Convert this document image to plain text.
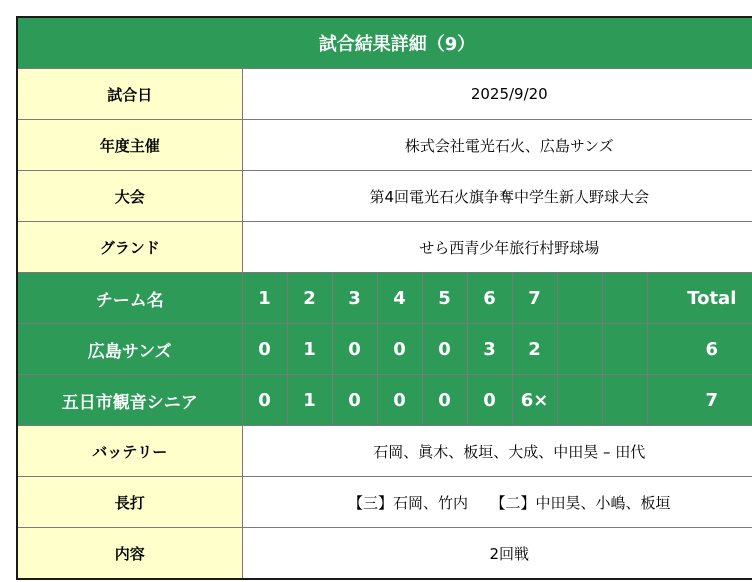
試合結果詳細（9）										
試合日	2025/9/20									
年度主催	株式会社電光石火、広島サンズ									
大会	第4回電光石火旗争奪中学生新人野球大会									
グランド	せら西青少年旅行村野球場									
チーム名	1	2	3	4	5	6	7			Total
広島サンズ	0	1	0	0	0	3	2			6
五日市観音シニア	0	1	0	0	0	0	6×			7
バッテリー	石岡、眞木、板垣、大成、中田昊 – 田代									
長打	【三】石岡、竹内　　【二】中田昊、小嶋、板垣									
内容	2回戦									
